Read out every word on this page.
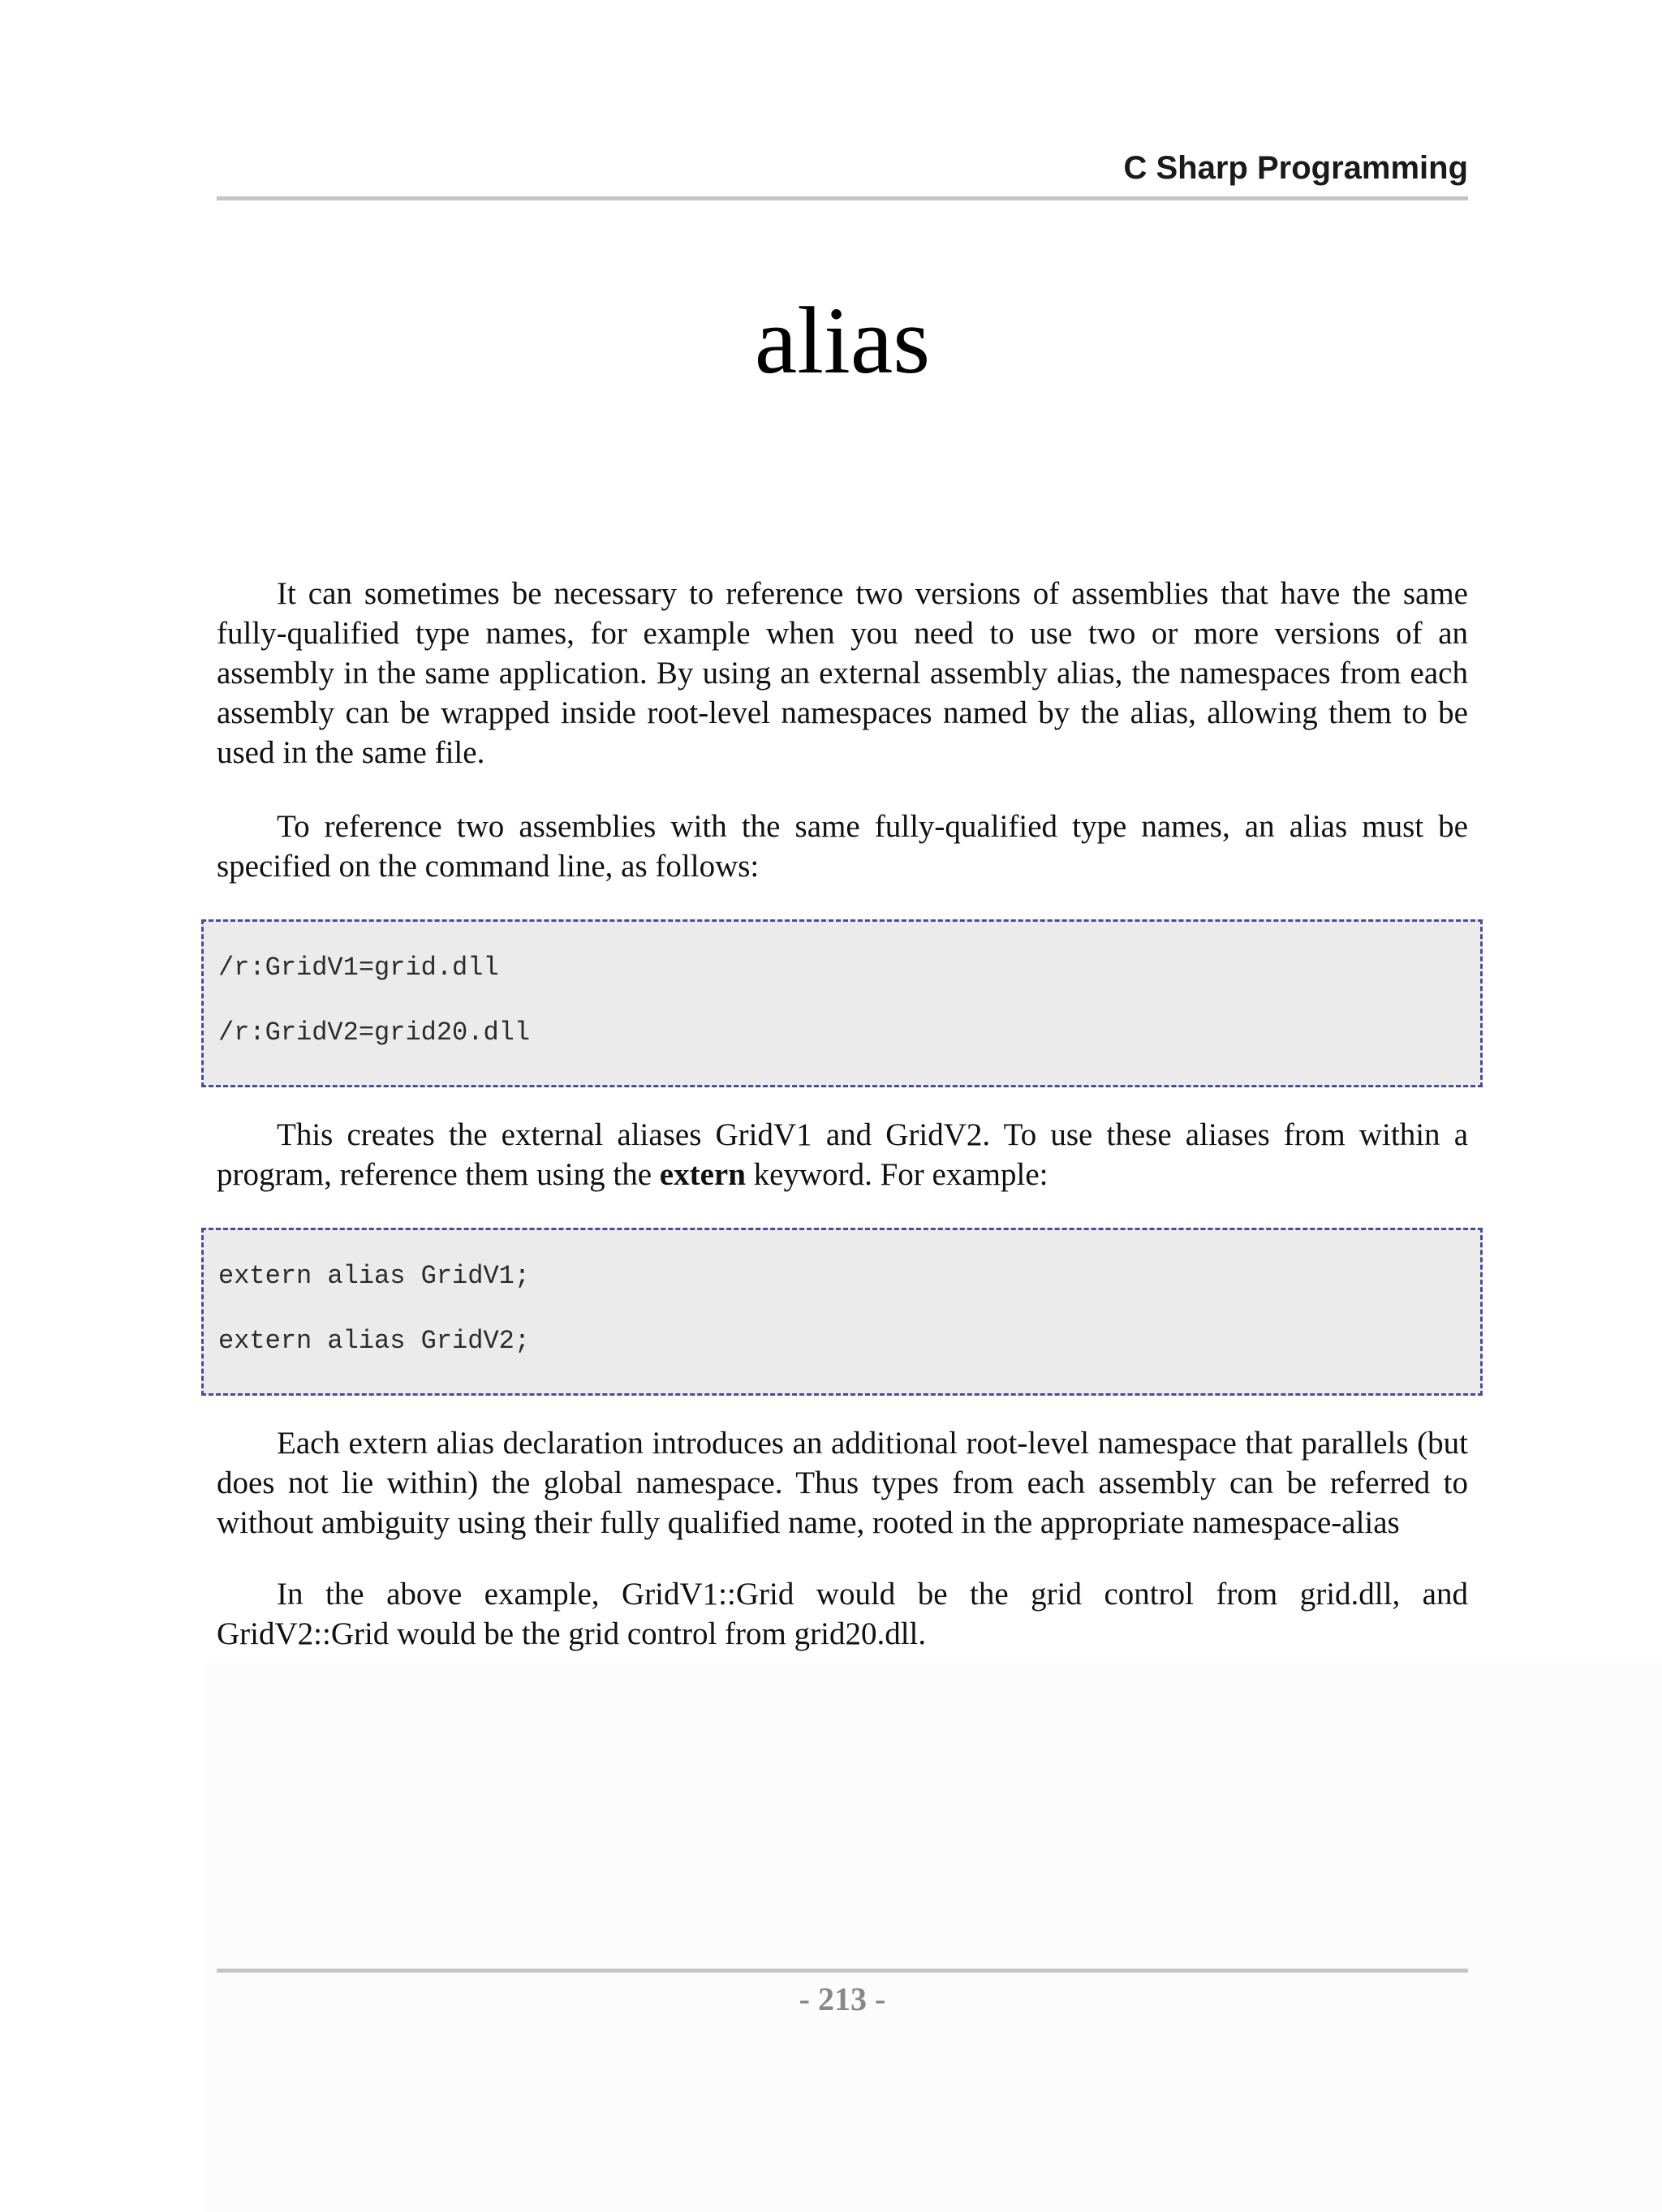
C Sharp Programming
alias

It can sometimes be necessary to reference two versions of assemblies that have the same fully-qualified type names, for example when you need to use two or more versions of an assembly in the same application. By using an external assembly alias, the namespaces from each assembly can be wrapped inside root-level namespaces named by the alias, allowing them to be used in the same file.

To reference two assemblies with the same fully-qualified type names, an alias must be specified on the command line, as follows:

/r:GridV1=grid.dll
/r:GridV2=grid20.dll

This creates the external aliases GridV1 and GridV2. To use these aliases from within a program, reference them using the extern keyword. For example:

extern alias GridV1;
extern alias GridV2;

Each extern alias declaration introduces an additional root-level namespace that parallels (but does not lie within) the global namespace. Thus types from each assembly can be referred to without ambiguity using their fully qualified name, rooted in the appropriate namespace-alias

In the above example, GridV1::Grid would be the grid control from grid.dll, and GridV2::Grid would be the grid control from grid20.dll.

- 213 -
